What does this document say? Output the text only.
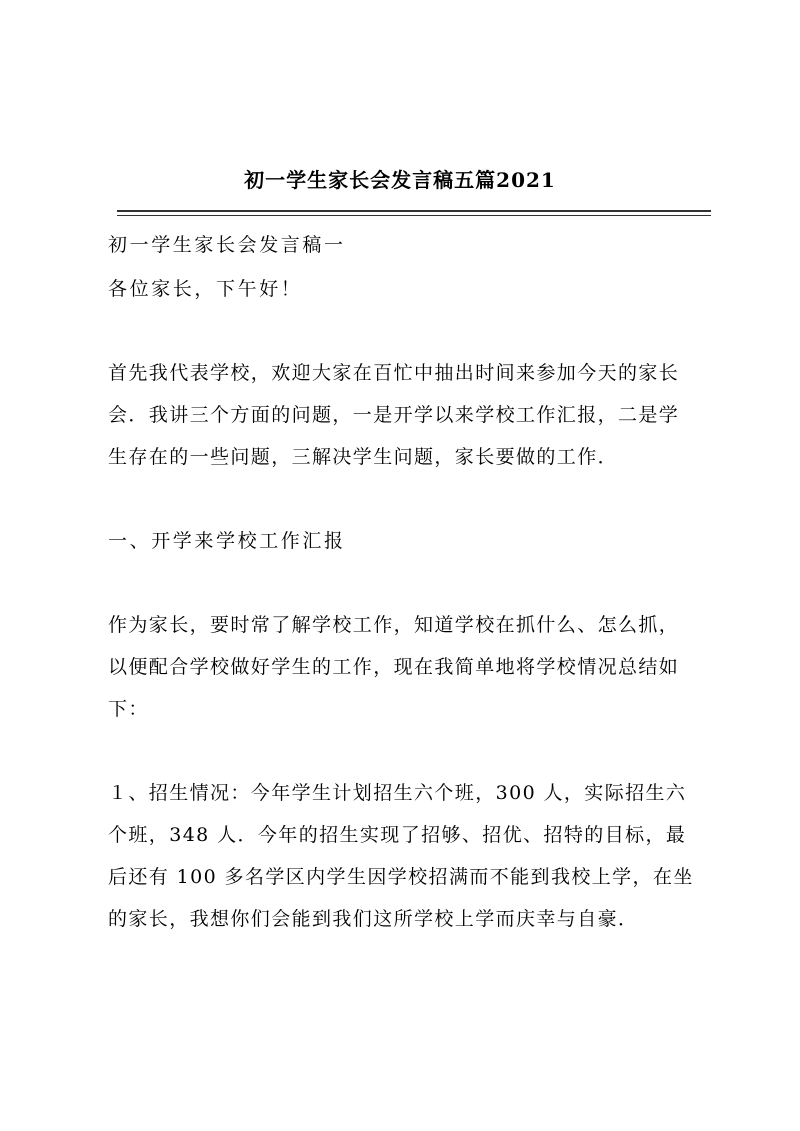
初一学生家长会发言稿五篇2021
初一学生家长会发言稿一
各位家长，下午好！
首先我代表学校，欢迎大家在百忙中抽出时间来参加今天的家长
会．我讲三个方面的问题，一是开学以来学校工作汇报，二是学
生存在的一些问题，三解决学生问题，家长要做的工作．
一、开学来学校工作汇报
作为家长，要时常了解学校工作，知道学校在抓什么、怎么抓，
以便配合学校做好学生的工作，现在我简单地将学校情况总结如
下：
１、招生情况：今年学生计划招生六个班，300 人，实际招生六
个班，348 人．今年的招生实现了招够、招优、招特的目标，最
后还有 100 多名学区内学生因学校招满而不能到我校上学，在坐
的家长，我想你们会能到我们这所学校上学而庆幸与自豪．
